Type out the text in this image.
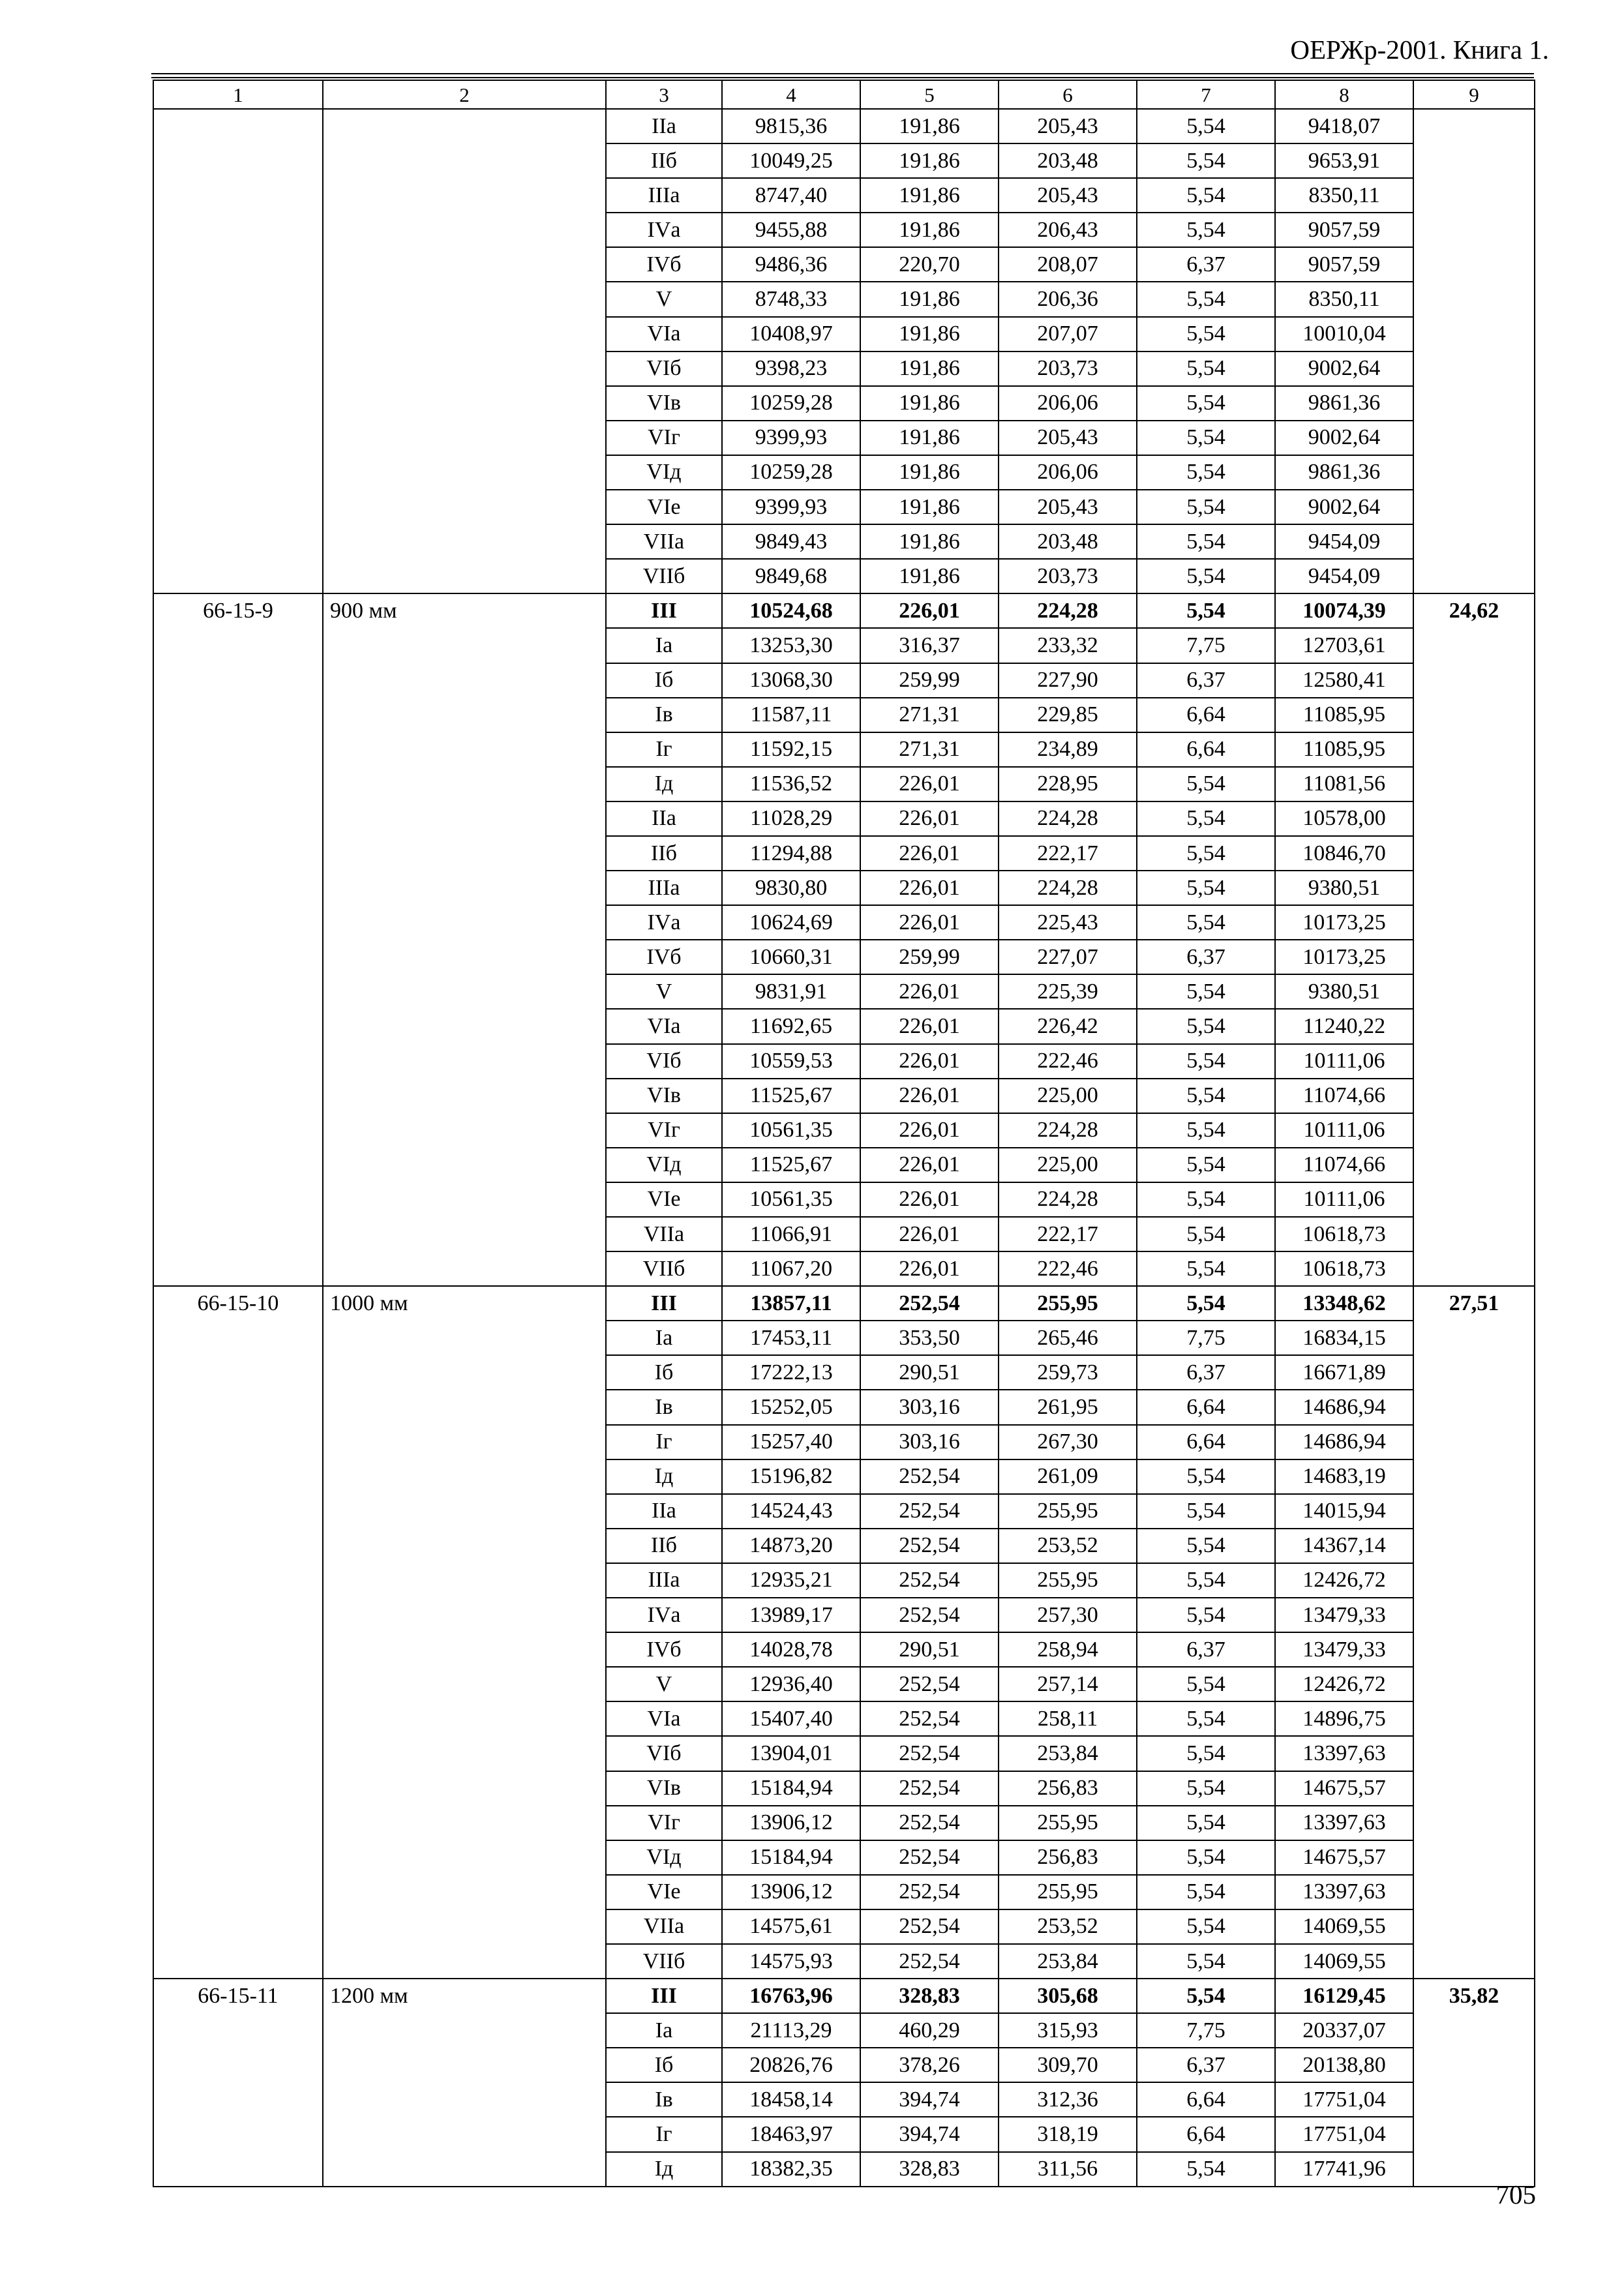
ОЕРЖр-2001. Книга 1.
1	2	3	4	5	6	7	8	9
		IIа	9815,36	191,86	205,43	5,54	9418,07	
		IIб	10049,25	191,86	203,48	5,54	9653,91	
		IIIа	8747,40	191,86	205,43	5,54	8350,11	
		IVа	9455,88	191,86	206,43	5,54	9057,59	
		IVб	9486,36	220,70	208,07	6,37	9057,59	
		V	8748,33	191,86	206,36	5,54	8350,11	
		VIа	10408,97	191,86	207,07	5,54	10010,04	
		VIб	9398,23	191,86	203,73	5,54	9002,64	
		VIв	10259,28	191,86	206,06	5,54	9861,36	
		VIг	9399,93	191,86	205,43	5,54	9002,64	
		VIд	10259,28	191,86	206,06	5,54	9861,36	
		VIе	9399,93	191,86	205,43	5,54	9002,64	
		VIIа	9849,43	191,86	203,48	5,54	9454,09	
		VIIб	9849,68	191,86	203,73	5,54	9454,09	
66-15-9	900 мм	III	10524,68	226,01	224,28	5,54	10074,39	24,62
		Iа	13253,30	316,37	233,32	7,75	12703,61	
		Iб	13068,30	259,99	227,90	6,37	12580,41	
		Iв	11587,11	271,31	229,85	6,64	11085,95	
		Iг	11592,15	271,31	234,89	6,64	11085,95	
		Iд	11536,52	226,01	228,95	5,54	11081,56	
		IIа	11028,29	226,01	224,28	5,54	10578,00	
		IIб	11294,88	226,01	222,17	5,54	10846,70	
		IIIа	9830,80	226,01	224,28	5,54	9380,51	
		IVа	10624,69	226,01	225,43	5,54	10173,25	
		IVб	10660,31	259,99	227,07	6,37	10173,25	
		V	9831,91	226,01	225,39	5,54	9380,51	
		VIа	11692,65	226,01	226,42	5,54	11240,22	
		VIб	10559,53	226,01	222,46	5,54	10111,06	
		VIв	11525,67	226,01	225,00	5,54	11074,66	
		VIг	10561,35	226,01	224,28	5,54	10111,06	
		VIд	11525,67	226,01	225,00	5,54	11074,66	
		VIе	10561,35	226,01	224,28	5,54	10111,06	
		VIIа	11066,91	226,01	222,17	5,54	10618,73	
		VIIб	11067,20	226,01	222,46	5,54	10618,73	
66-15-10	1000 мм	III	13857,11	252,54	255,95	5,54	13348,62	27,51
		Iа	17453,11	353,50	265,46	7,75	16834,15	
		Iб	17222,13	290,51	259,73	6,37	16671,89	
		Iв	15252,05	303,16	261,95	6,64	14686,94	
		Iг	15257,40	303,16	267,30	6,64	14686,94	
		Iд	15196,82	252,54	261,09	5,54	14683,19	
		IIа	14524,43	252,54	255,95	5,54	14015,94	
		IIб	14873,20	252,54	253,52	5,54	14367,14	
		IIIа	12935,21	252,54	255,95	5,54	12426,72	
		IVа	13989,17	252,54	257,30	5,54	13479,33	
		IVб	14028,78	290,51	258,94	6,37	13479,33	
		V	12936,40	252,54	257,14	5,54	12426,72	
		VIа	15407,40	252,54	258,11	5,54	14896,75	
		VIб	13904,01	252,54	253,84	5,54	13397,63	
		VIв	15184,94	252,54	256,83	5,54	14675,57	
		VIг	13906,12	252,54	255,95	5,54	13397,63	
		VIд	15184,94	252,54	256,83	5,54	14675,57	
		VIе	13906,12	252,54	255,95	5,54	13397,63	
		VIIа	14575,61	252,54	253,52	5,54	14069,55	
		VIIб	14575,93	252,54	253,84	5,54	14069,55	
66-15-11	1200 мм	III	16763,96	328,83	305,68	5,54	16129,45	35,82
		Iа	21113,29	460,29	315,93	7,75	20337,07	
		Iб	20826,76	378,26	309,70	6,37	20138,80	
		Iв	18458,14	394,74	312,36	6,64	17751,04	
		Iг	18463,97	394,74	318,19	6,64	17751,04	
		Iд	18382,35	328,83	311,56	5,54	17741,96	
705
